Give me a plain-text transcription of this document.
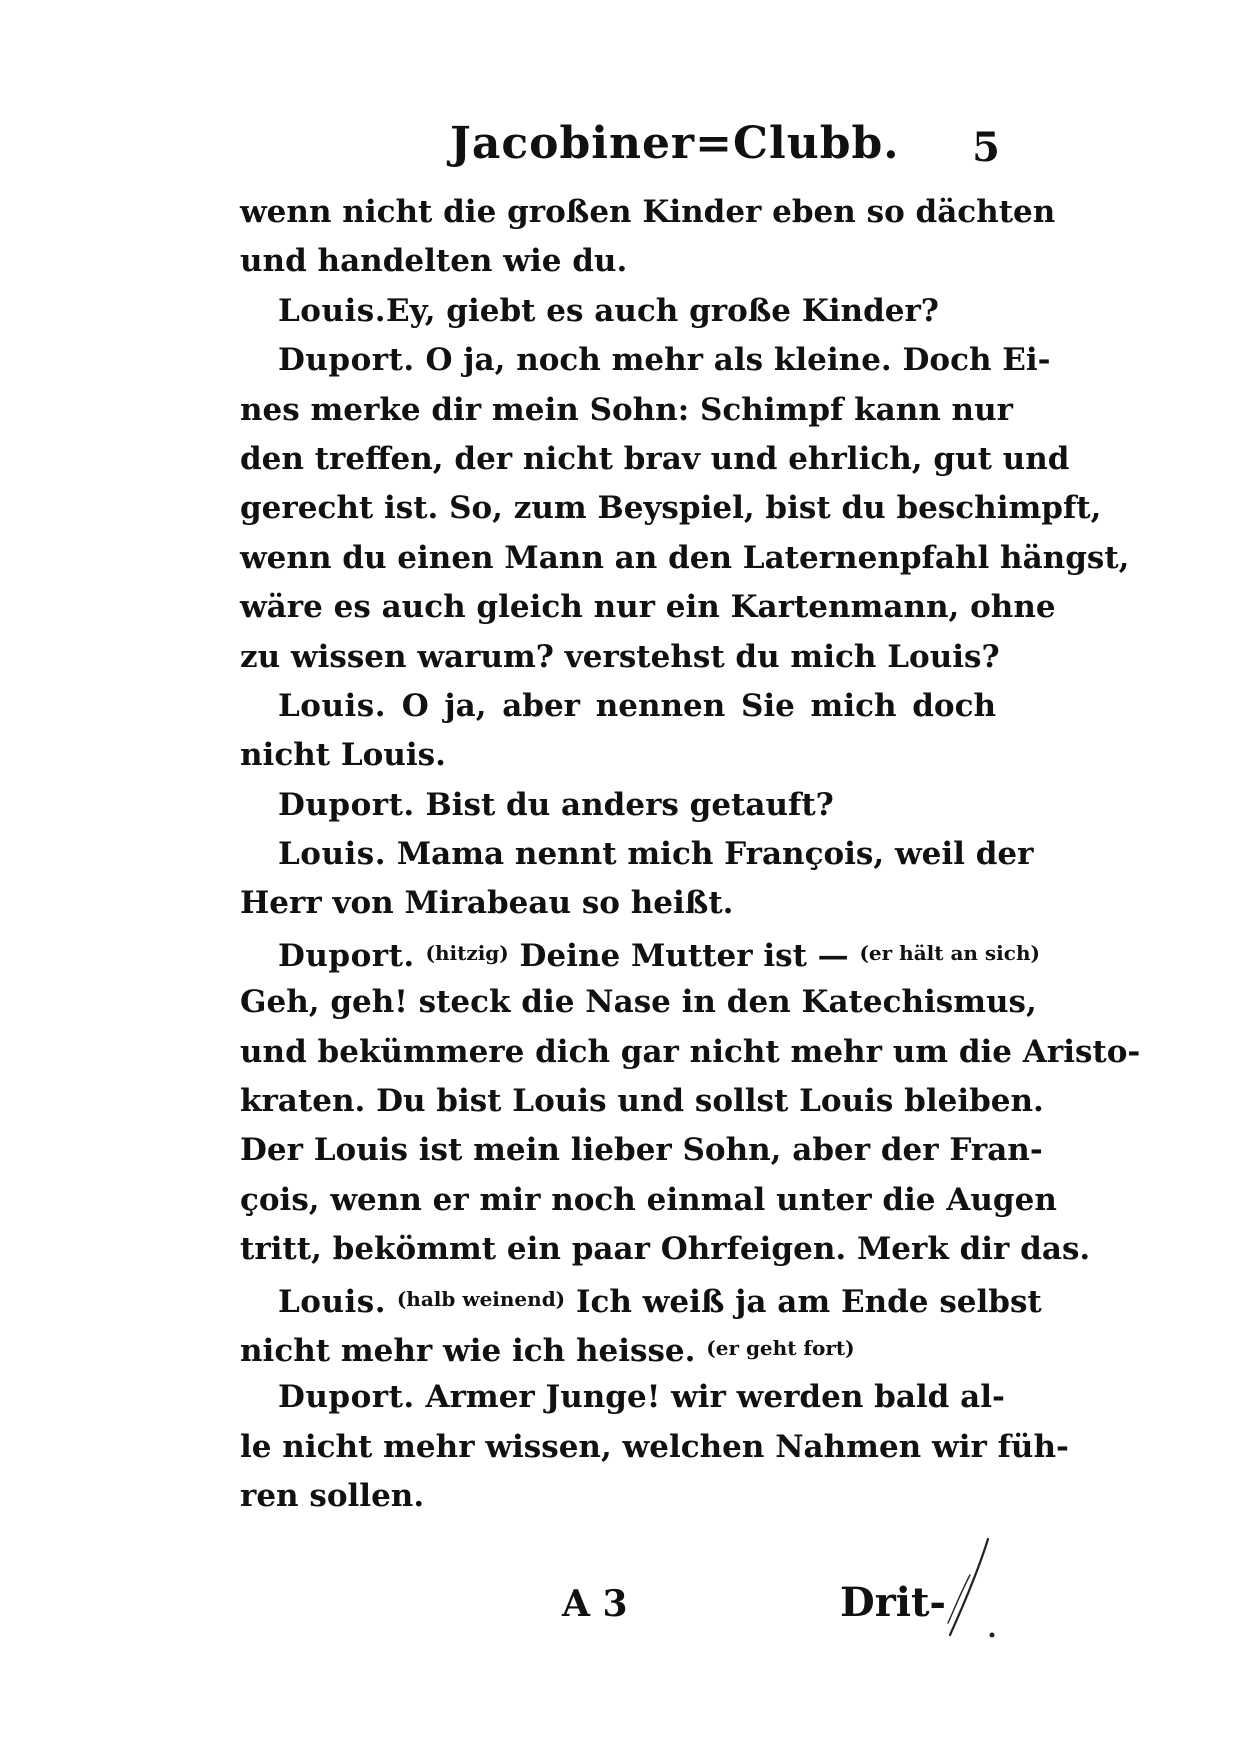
Jacobiner=Clubb. 5
wenn nicht die großen Kinder eben so dächten
und handelten wie du.
Louis.Ey, giebt es auch große Kinder?
Duport. O ja, noch mehr als kleine. Doch Ei-
nes merke dir mein Sohn: Schimpf kann nur
den treffen, der nicht brav und ehrlich, gut und
gerecht ist. So, zum Beyspiel, bist du beschimpft,
wenn du einen Mann an den Laternenpfahl hängst,
wäre es auch gleich nur ein Kartenmann, ohne
zu wissen warum? verstehst du mich Louis?
Louis. O ja, aber nennen Sie mich doch
nicht Louis.
Duport. Bist du anders getauft?
Louis. Mama nennt mich François, weil der
Herr von Mirabeau so heißt.
Duport. (hitzig) Deine Mutter ist — (er hält an sich)
Geh, geh! steck die Nase in den Katechismus,
und bekümmere dich gar nicht mehr um die Aristo-
kraten. Du bist Louis und sollst Louis bleiben.
Der Louis ist mein lieber Sohn, aber der Fran-
çois, wenn er mir noch einmal unter die Augen
tritt, bekömmt ein paar Ohrfeigen. Merk dir das.
Louis. (halb weinend) Ich weiß ja am Ende selbst
nicht mehr wie ich heisse. (er geht fort)
Duport. Armer Junge! wir werden bald al-
le nicht mehr wissen, welchen Nahmen wir füh-
ren sollen.
A 3	Drit-
